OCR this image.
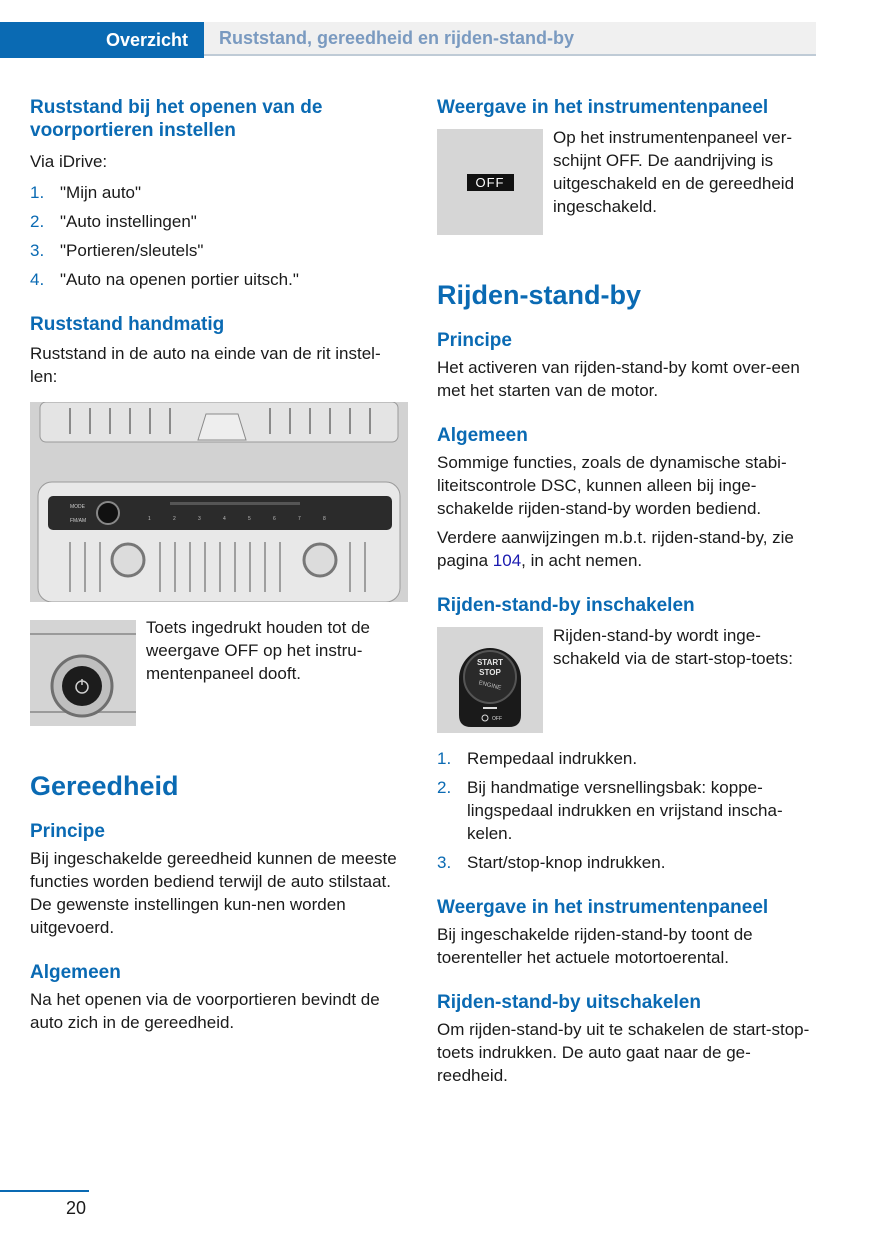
Overzicht	Ruststand, gereedheid en rijden-stand-by
Ruststand bij het openen van de voorportieren instellen

Via iDrive:

1. "Mijn auto"
2. "Auto instellingen"
3. "Portieren/sleutels"
4. "Auto na openen portier uitsch."
Ruststand handmatig

Ruststand in de auto na einde van de rit instel-len:

MODE
FM/AM	1	2	3	4	5	6	7	8

Toets ingedrukt houden tot de weergave OFF op het instru-mentenpaneel dooft.

Gereedheid
Principe

Bij ingeschakelde gereedheid kunnen de meeste functies worden bediend terwijl de auto stilstaat. De gewenste instellingen kun-nen worden uitgevoerd.

Algemeen

Na het openen via de voorportieren bevindt de auto zich in de gereedheid.

Weergave in het instrumentenpaneel
OFF

Op het instrumentenpaneel ver-schijnt OFF. De aandrijving is uitgeschakeld en de gereedheid ingeschakeld.

Rijden-stand-by
Principe

Het activeren van rijden-stand-by komt over-een met het starten van de motor.

Algemeen

Sommige functies, zoals de dynamische stabi-liteitscontrole DSC, kunnen alleen bij inge-schakelde rijden-stand-by worden bediend.

Verdere aanwijzingen m.b.t. rijden-stand-by, zie pagina 104, in acht nemen.

Rijden-stand-by inschakelen
START
STOP
ENGINE
OFF

Rijden-stand-by wordt inge-schakeld via de start-stop-toets:

1. Rempedaal indrukken.
2. Bij handmatige versnellingsbak: koppe-lingspedaal indrukken en vrijstand inscha-kelen.
3. Start/stop-knop indrukken.
Weergave in het instrumentenpaneel

Bij ingeschakelde rijden-stand-by toont de toerenteller het actuele motortoerental.

Rijden-stand-by uitschakelen

Om rijden-stand-by uit te schakelen de start-stop-toets indrukken. De auto gaat naar de ge-reedheid.

20
